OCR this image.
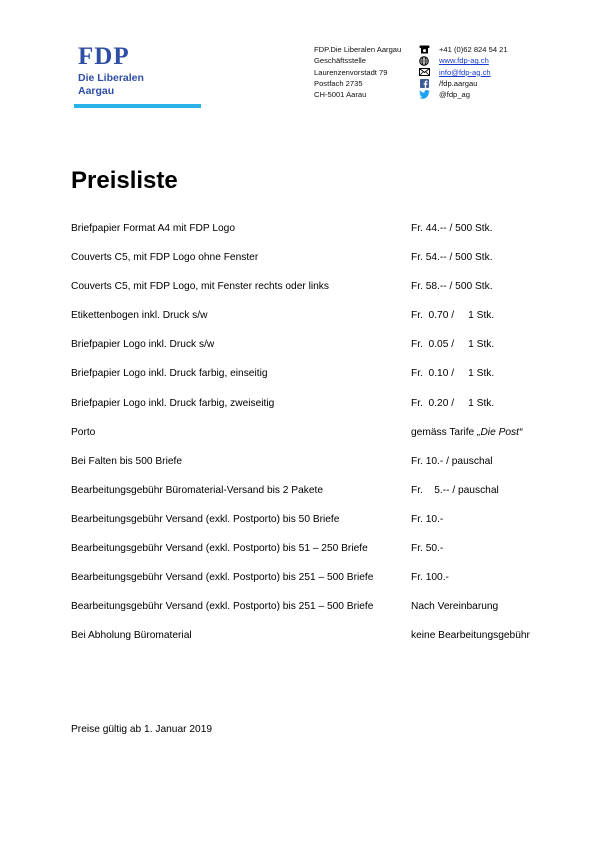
FDP
Die Liberalen
Aargau
FDP.Die Liberalen Aargau
Geschäftsstelle
Laurenzenvorstadt 79
Postfach 2735
CH-5001 Aarau
+41 (0)62 824 54 21
www.fdp-ag.ch
info@fdp-ag.ch
/fdp.aargau
@fdp_ag
Preisliste
Briefpapier Format A4 mit FDP Logo	Fr. 44.-- / 500 Stk.
Couverts C5, mit FDP Logo ohne Fenster	Fr. 54.-- / 500 Stk.
Couverts C5, mit FDP Logo, mit Fenster rechts oder links	Fr. 58.-- / 500 Stk.
Etikettenbogen inkl. Druck s/w	Fr.  0.70 /     1 Stk.
Briefpapier Logo inkl. Druck s/w	Fr.  0.05 /     1 Stk.
Briefpapier Logo inkl. Druck farbig, einseitig	Fr.  0.10 /     1 Stk.
Briefpapier Logo inkl. Druck farbig, zweiseitig	Fr.  0.20 /     1 Stk.
Porto	gemäss Tarife „Die Post“
Bei Falten bis 500 Briefe	Fr. 10.- / pauschal
Bearbeitungsgebühr Büromaterial-Versand bis 2 Pakete	Fr.    5.-- / pauschal
Bearbeitungsgebühr Versand (exkl. Postporto) bis 50 Briefe	Fr. 10.-
Bearbeitungsgebühr Versand (exkl. Postporto) bis 51 – 250 Briefe	Fr. 50.-
Bearbeitungsgebühr Versand (exkl. Postporto) bis 251 – 500 Briefe	Fr. 100.-
Bearbeitungsgebühr Versand (exkl. Postporto) bis 251 – 500 Briefe	Nach Vereinbarung
Bei Abholung Büromaterial	keine Bearbeitungsgebühr
Preise gültig ab 1. Januar 2019
